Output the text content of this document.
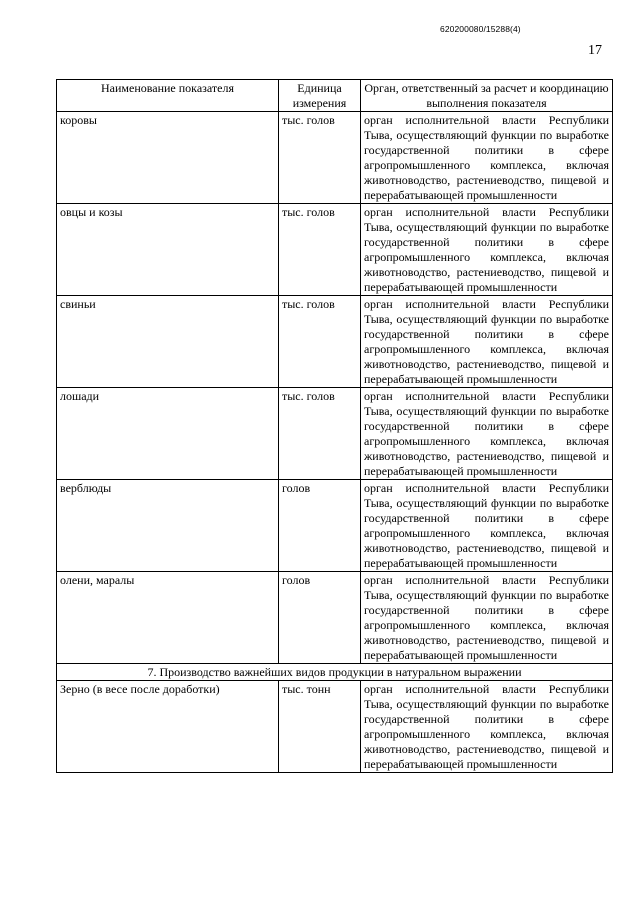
620200080/15288(4)
17
Наименование показателя	Единица измерения	Орган, ответственный за расчет и координацию выполнения показателя
коровы	тыс. голов	орган исполнительной власти Республики Тыва, осуществляющий функции по выработке государственной политики в сфере агропромышленного комплекса, включая животноводство, растениеводство, пищевой и перерабатывающей промышленности
овцы и козы	тыс. голов	орган исполнительной власти Республики Тыва, осуществляющий функции по выработке государственной политики в сфере агропромышленного комплекса, включая животноводство, растениеводство, пищевой и перерабатывающей промышленности
свиньи	тыс. голов	орган исполнительной власти Республики Тыва, осуществляющий функции по выработке государственной политики в сфере агропромышленного комплекса, включая животноводство, растениеводство, пищевой и перерабатывающей промышленности
лошади	тыс. голов	орган исполнительной власти Республики Тыва, осуществляющий функции по выработке государственной политики в сфере агропромышленного комплекса, включая животноводство, растениеводство, пищевой и перерабатывающей промышленности
верблюды	голов	орган исполнительной власти Республики Тыва, осуществляющий функции по выработке государственной политики в сфере агропромышленного комплекса, включая животноводство, растениеводство, пищевой и перерабатывающей промышленности
олени, маралы	голов	орган исполнительной власти Республики Тыва, осуществляющий функции по выработке государственной политики в сфере агропромышленного комплекса, включая животноводство, растениеводство, пищевой и перерабатывающей промышленности
7. Производство важнейших видов продукции в натуральном выражении		
Зерно (в весе после доработки)	тыс. тонн	орган исполнительной власти Республики Тыва, осуществляющий функции по выработке государственной политики в сфере агропромышленного комплекса, включая животноводство, растениеводство, пищевой и перерабатывающей промышленности
